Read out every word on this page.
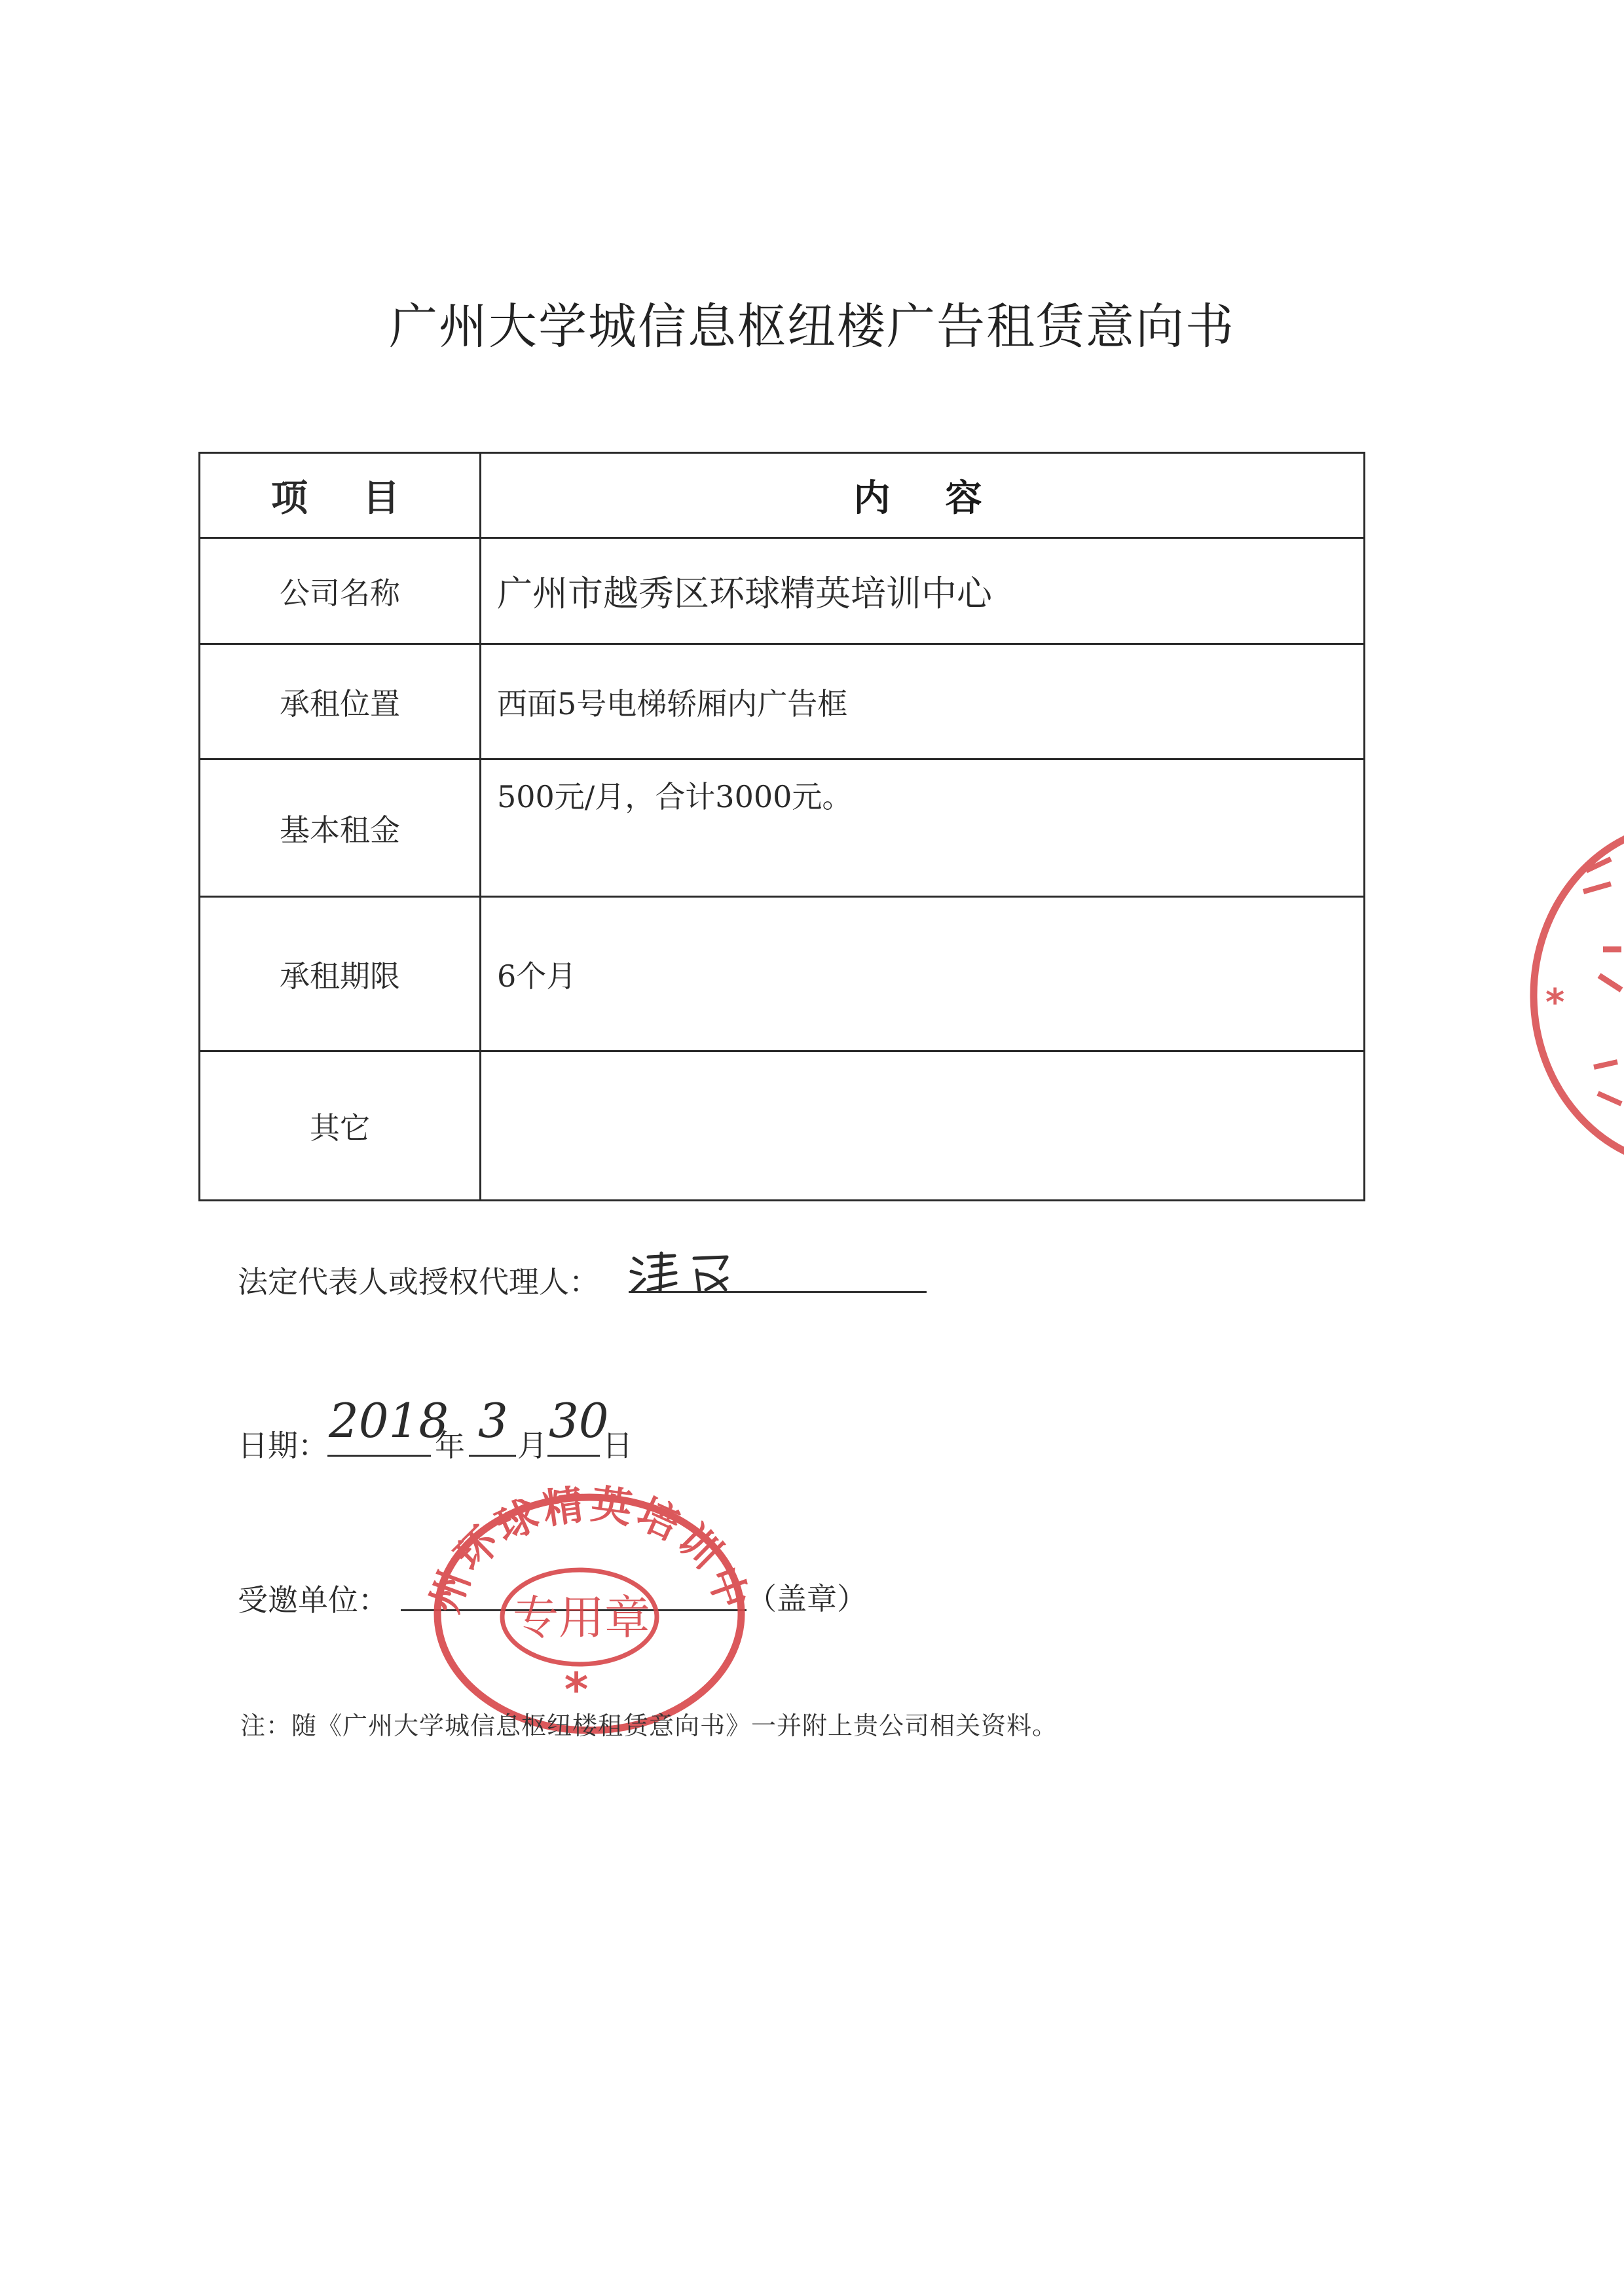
广州大学城信息枢纽楼广告租赁意向书
项　目	内　容
公司名称	广州市越秀区环球精英培训中心
承租位置	西面5号电梯轿厢内广告框
基本租金	500元/月，合计3000元。
承租期限	6个月
其它	
法定代表人或授权代理人：
日期： 2018
年 3 月 30
日
受邀单位：	（盖章）
州环球精英培训中
专用章
*
*
注：随《广州大学城信息枢纽楼租赁意向书》一并附上贵公司相关资料。
